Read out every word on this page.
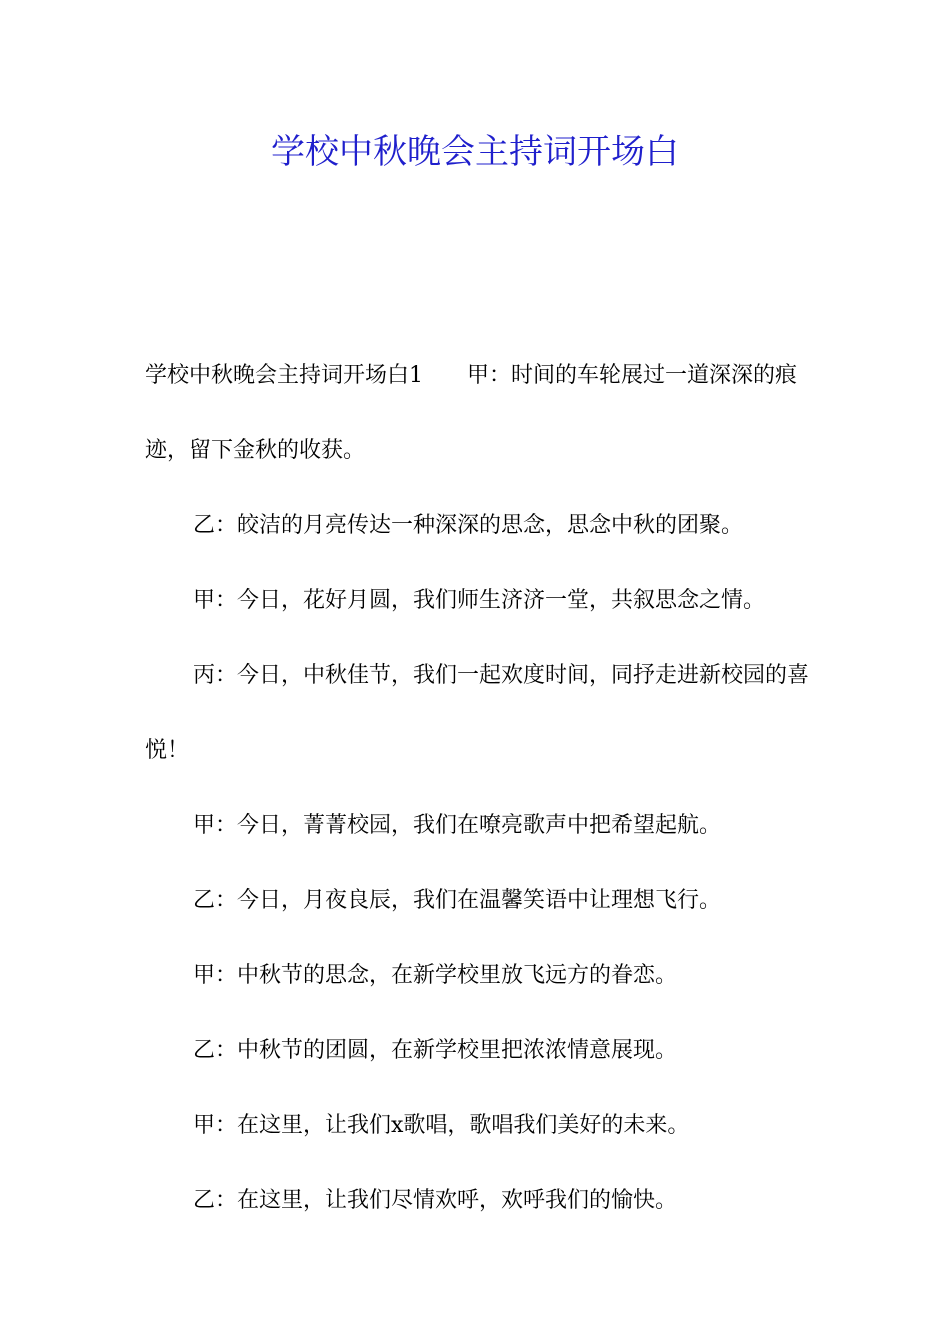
学校中秋晚会主持词开场白

学校中秋晚会主持词开场白1　　甲：时间的车轮展过一道深深的痕迹，留下金秋的收获。

乙：皎洁的月亮传达一种深深的思念，思念中秋的团聚。

甲：今日，花好月圆，我们师生济济一堂，共叙思念之情。

丙：今日，中秋佳节，我们一起欢度时间，同抒走进新校园的喜悦！

甲：今日，菁菁校园，我们在嘹亮歌声中把希望起航。

乙：今日，月夜良辰，我们在温馨笑语中让理想飞行。

甲：中秋节的思念，在新学校里放飞远方的眷恋。

乙：中秋节的团圆，在新学校里把浓浓情意展现。

甲：在这里，让我们x歌唱，歌唱我们美好的未来。

乙：在这里，让我们尽情欢呼，欢呼我们的愉快。
